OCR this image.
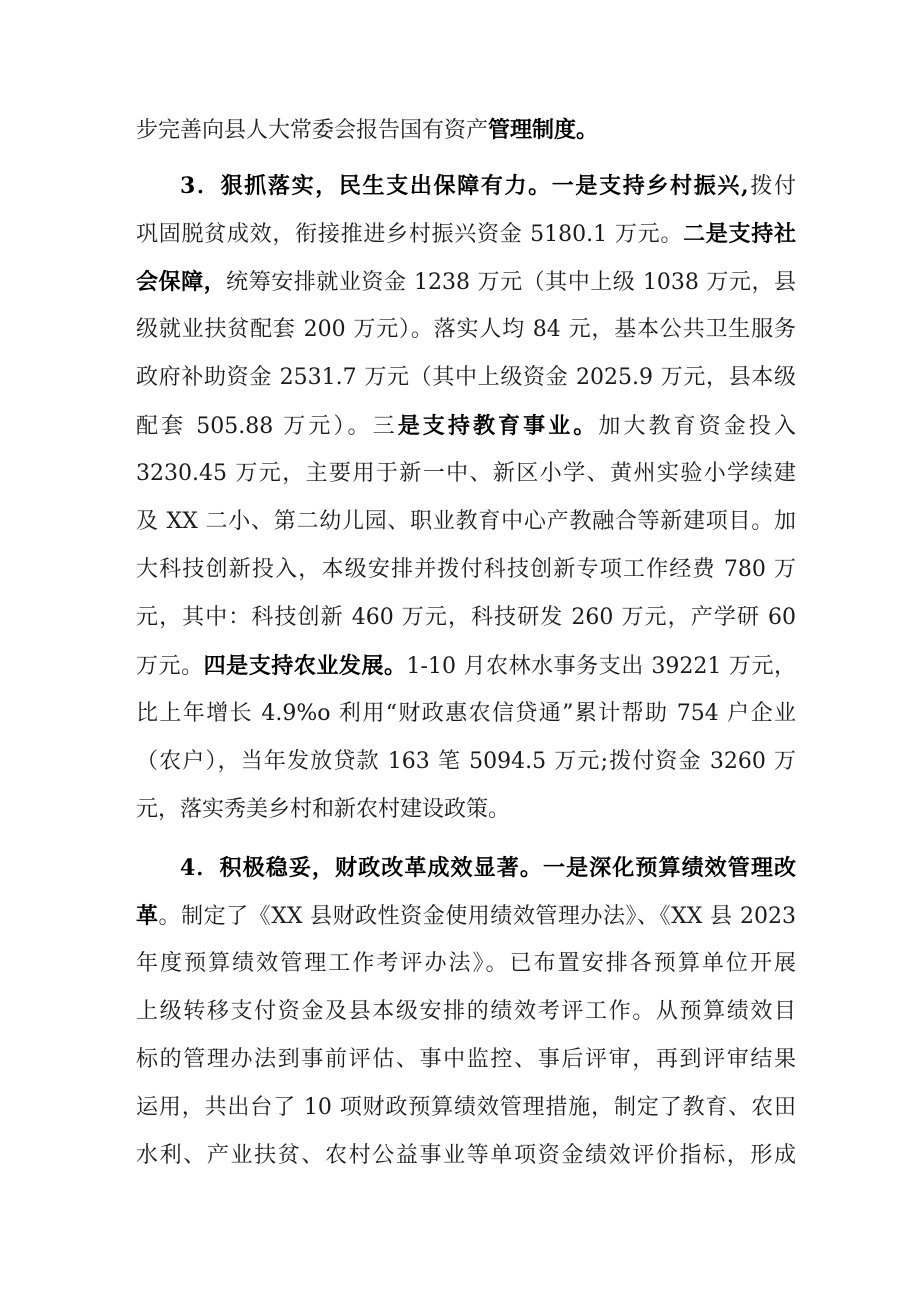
步完善向县人大常委会报告国有资产管理制度。
3．狠抓落实，民生支出保障有力。一是支持乡村振兴,拨付
巩固脱贫成效，衔接推进乡村振兴资金 5180.1 万元。二是支持社
会保障，统筹安排就业资金 1238 万元（其中上级 1038 万元，县
级就业扶贫配套 200 万元）。落实人均 84 元，基本公共卫生服务
政府补助资金 2531.7 万元（其中上级资金 2025.9 万元，县本级
配套 505.88 万元）。三是支持教育事业。加大教育资金投入
3230.45 万元，主要用于新一中、新区小学、黄州实验小学续建
及 XX 二小、第二幼儿园、职业教育中心产教融合等新建项目。加
大科技创新投入，本级安排并拨付科技创新专项工作经费 780 万
元，其中：科技创新 460 万元，科技研发 260 万元，产学研 60
万元。四是支持农业发展。1-10 月农林水事务支出 39221 万元，
比上年增长 4.9%o 利用“财政惠农信贷通”累计帮助 754 户企业
（农户），当年发放贷款 163 笔 5094.5 万元;拨付资金 3260 万
元，落实秀美乡村和新农村建设政策。
4．积极稳妥，财政改革成效显著。一是深化预算绩效管理改
革。制定了《XX 县财政性资金使用绩效管理办法》、《XX 县 2023
年度预算绩效管理工作考评办法》。已布置安排各预算单位开展
上级转移支付资金及县本级安排的绩效考评工作。从预算绩效目
标的管理办法到事前评估、事中监控、事后评审，再到评审结果
运用，共出台了 10 项财政预算绩效管理措施，制定了教育、农田
水利、产业扶贫、农村公益事业等单项资金绩效评价指标，形成
